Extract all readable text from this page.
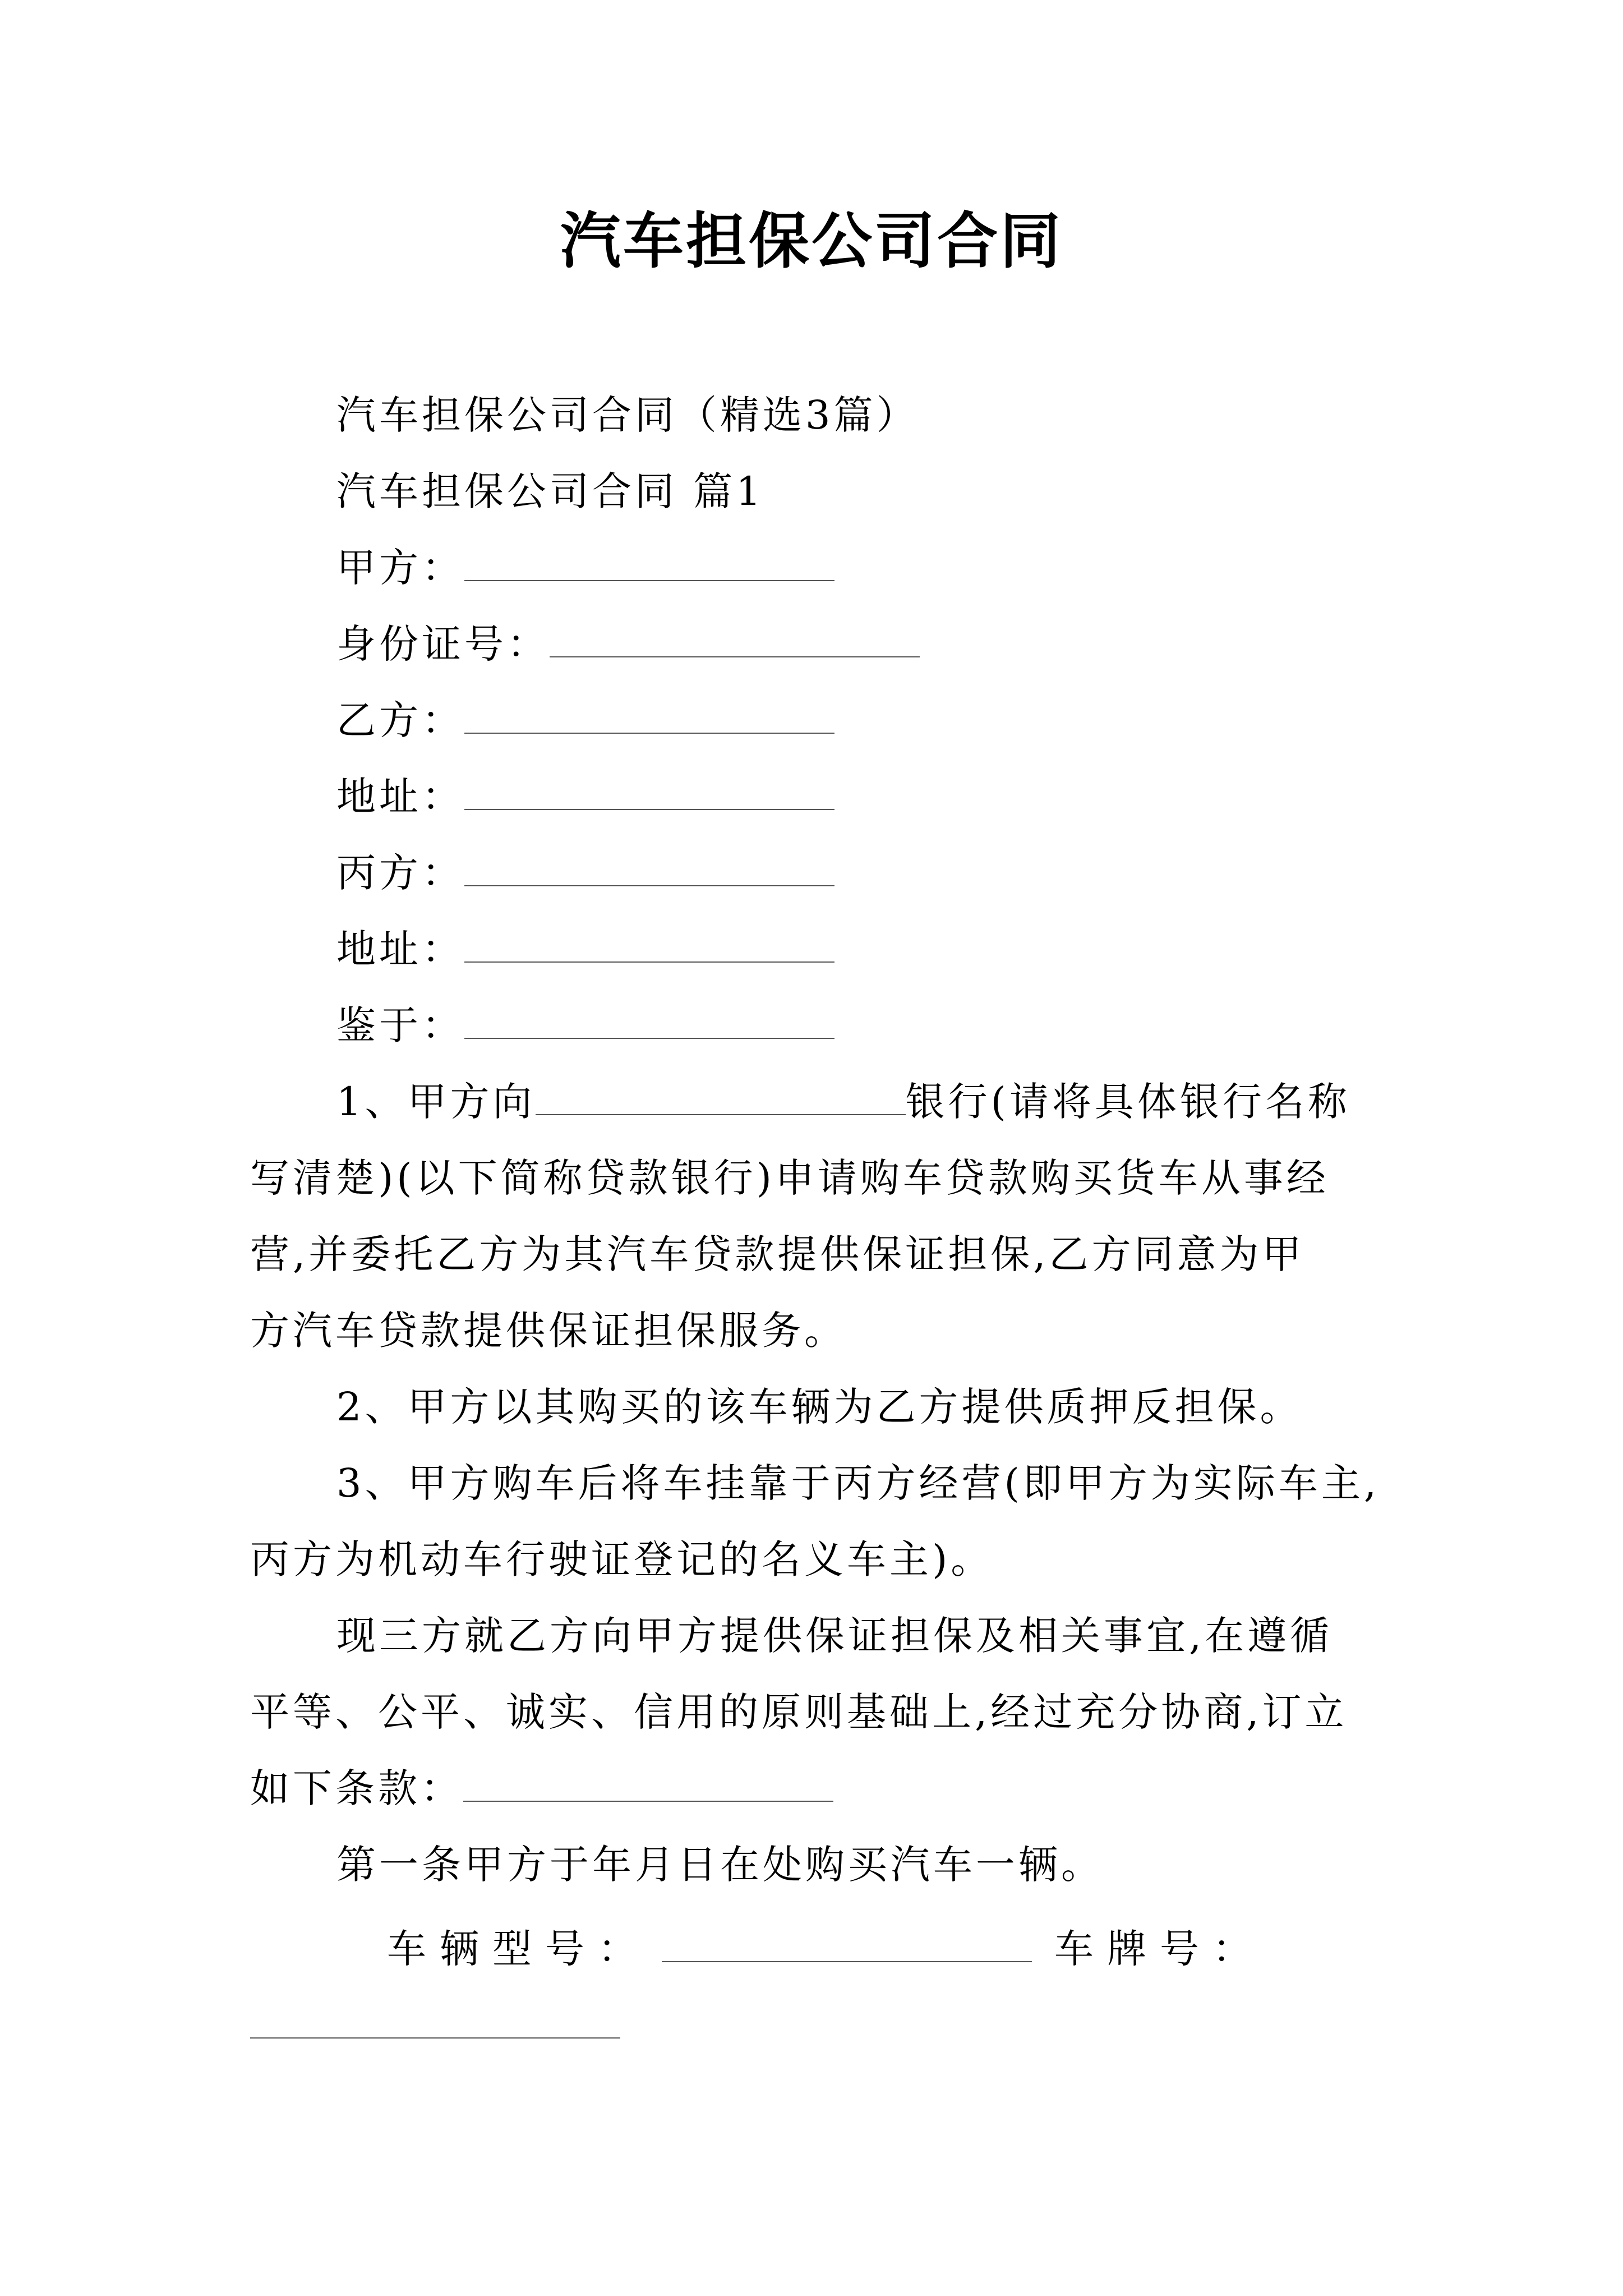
汽车担保公司合同
汽车担保公司合同（精选3篇）
汽车担保公司合同 篇1
甲方：
身份证号：
乙方：
地址：
丙方：
地址：
鉴于：
1、甲方向	银行(请将具体银行名称
写清楚)(以下简称贷款银行)申请购车贷款购买货车从事经
营,并委托乙方为其汽车贷款提供保证担保,乙方同意为甲
方汽车贷款提供保证担保服务。
2、甲方以其购买的该车辆为乙方提供质押反担保。
3、甲方购车后将车挂靠于丙方经营(即甲方为实际车主,
丙方为机动车行驶证登记的名义车主)。
现三方就乙方向甲方提供保证担保及相关事宜,在遵循
平等、公平、诚实、信用的原则基础上,经过充分协商,订立
如下条款：
第一条甲方于年月日在处购买汽车一辆。
车辆型号：	车牌号：
